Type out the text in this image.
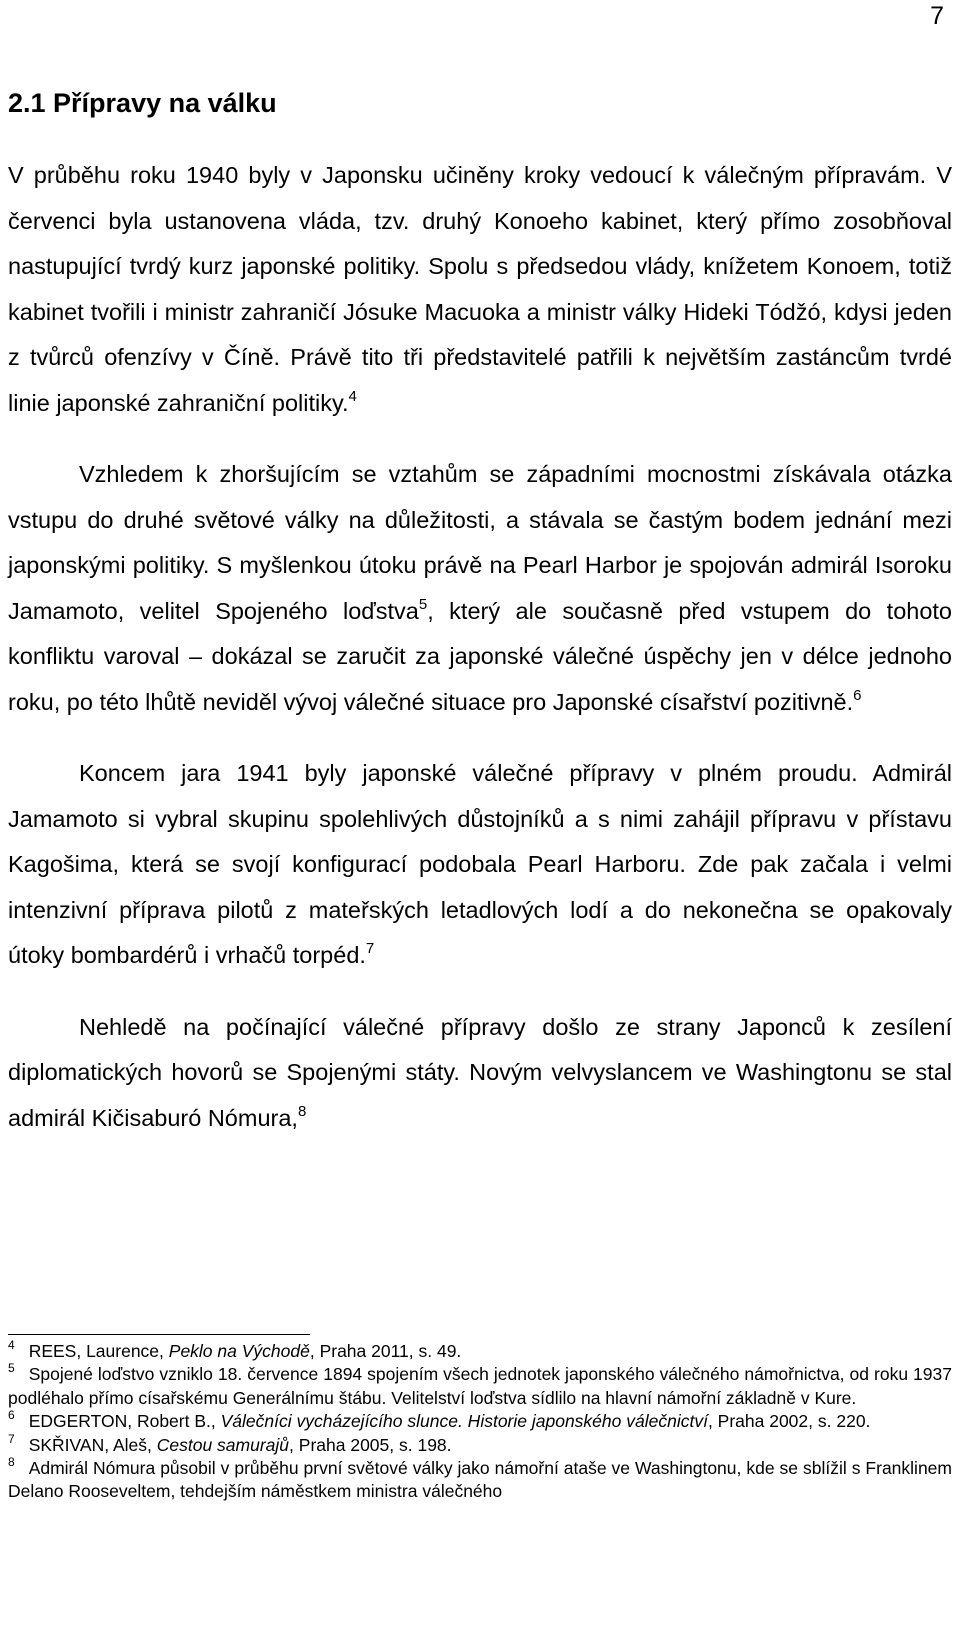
7
2.1 Přípravy na válku

V průběhu roku 1940 byly v Japonsku učiněny kroky vedoucí k válečným přípravám. V červenci byla ustanovena vláda, tzv. druhý Konoeho kabinet, který přímo zosobňoval nastupující tvrdý kurz japonské politiky. Spolu s předsedou vlády, knížetem Konoem, totiž kabinet tvořili i ministr zahraničí Jósuke Macuoka a ministr války Hideki Tódžó, kdysi jeden z tvůrců ofenzívy v Číně. Právě tito tři představitelé patřili k největším zastáncům tvrdé linie japonské zahraniční politiky.$^4$

Vzhledem k zhoršujícím se vztahům se západními mocnostmi získávala otázka vstupu do druhé světové války na důležitosti, a stávala se častým bodem jednání mezi japonskými politiky. S myšlenkou útoku právě na Pearl Harbor je spojován admirál Isoroku Jamamoto, velitel Spojeného loďstva$^5$, který ale současně před vstupem do tohoto konfliktu varoval – dokázal se zaručit za japonské válečné úspěchy jen v délce jednoho roku, po této lhůtě neviděl vývoj válečné situace pro Japonské císařství pozitivně.$^6$

Koncem jara 1941 byly japonské válečné přípravy v plném proudu. Admirál Jamamoto si vybral skupinu spolehlivých důstojníků a s nimi zahájil přípravu v přístavu Kagošima, která se svojí konfigurací podobala Pearl Harboru. Zde pak začala i velmi intenzivní příprava pilotů z mateřských letadlových lodí a do nekonečna se opakovaly útoky bombardérů i vrhačů torpéd.$^7$

Nehledě na počínající válečné přípravy došlo ze strany Japonců k zesílení diplomatických hovorů se Spojenými státy. Novým velvyslancem ve Washingtonu se stal admirál Kičisaburó Nómura,$^8$

$^4$ REES, Laurence, Peklo na Východě, Praha 2011, s. 49.

$^5$ Spojené loďstvo vzniklo 18. července 1894 spojením všech jednotek japonského válečného námořnictva, od roku 1937 podléhalo přímo císařskému Generálnímu štábu. Velitelství loďstva sídlilo na hlavní námořní základně v Kure.

$^6$ EDGERTON, Robert B., Válečníci vycházejícího slunce. Historie japonského válečnictví, Praha 2002, s. 220.

$^7$ SKŘIVAN, Aleš, Cestou samurajů, Praha 2005, s. 198.

$^8$ Admirál Nómura působil v průběhu první světové války jako námořní ataše ve Washingtonu, kde se sblížil s Franklinem Delano Rooseveltem, tehdejším náměstkem ministra válečného
